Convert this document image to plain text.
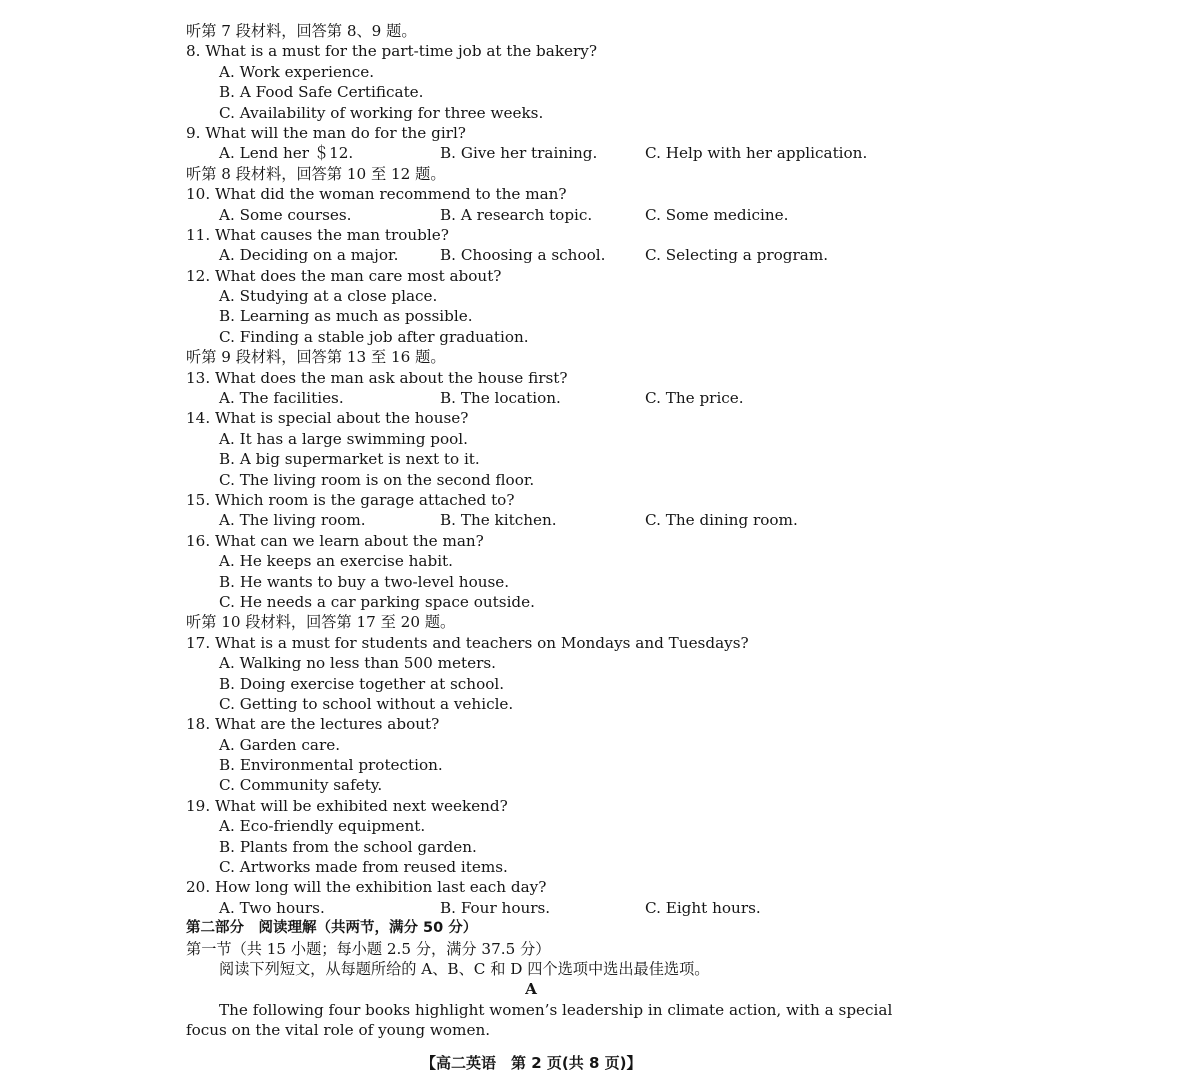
听第 7 段材料，回答第 8、9 题。
8. What is a must for the part-time job at the bakery?
A. Work experience.
B. A Food Safe Certificate.
C. Availability of working for three weeks.
9. What will the man do for the girl?
A. Lend her ＄12.	B. Give her training.	C. Help with her application.
听第 8 段材料，回答第 10 至 12 题。
10. What did the woman recommend to the man?
A. Some courses.	B. A research topic.	C. Some medicine.
11. What causes the man trouble?
A. Deciding on a major.	B. Choosing a school.	C. Selecting a program.
12. What does the man care most about?
A. Studying at a close place.
B. Learning as much as possible.
C. Finding a stable job after graduation.
听第 9 段材料，回答第 13 至 16 题。
13. What does the man ask about the house first?
A. The facilities.	B. The location.	C. The price.
14. What is special about the house?
A. It has a large swimming pool.
B. A big supermarket is next to it.
C. The living room is on the second floor.
15. Which room is the garage attached to?
A. The living room.	B. The kitchen.	C. The dining room.
16. What can we learn about the man?
A. He keeps an exercise habit.
B. He wants to buy a two-level house.
C. He needs a car parking space outside.
听第 10 段材料，回答第 17 至 20 题。
17. What is a must for students and teachers on Mondays and Tuesdays?
A. Walking no less than 500 meters.
B. Doing exercise together at school.
C. Getting to school without a vehicle.
18. What are the lectures about?
A. Garden care.
B. Environmental protection.
C. Community safety.
19. What will be exhibited next weekend?
A. Eco-friendly equipment.
B. Plants from the school garden.
C. Artworks made from reused items.
20. How long will the exhibition last each day?
A. Two hours.	B. Four hours.	C. Eight hours.
第二部分　阅读理解（共两节，满分 50 分）
第一节（共 15 小题；每小题 2.5 分，满分 37.5 分）
阅读下列短文，从每题所给的 A、B、C 和 D 四个选项中选出最佳选项。
A
The following four books highlight women’s leadership in climate action, with a special
focus on the vital role of young women.
【高二英语　第 2 页(共 8 页)】
